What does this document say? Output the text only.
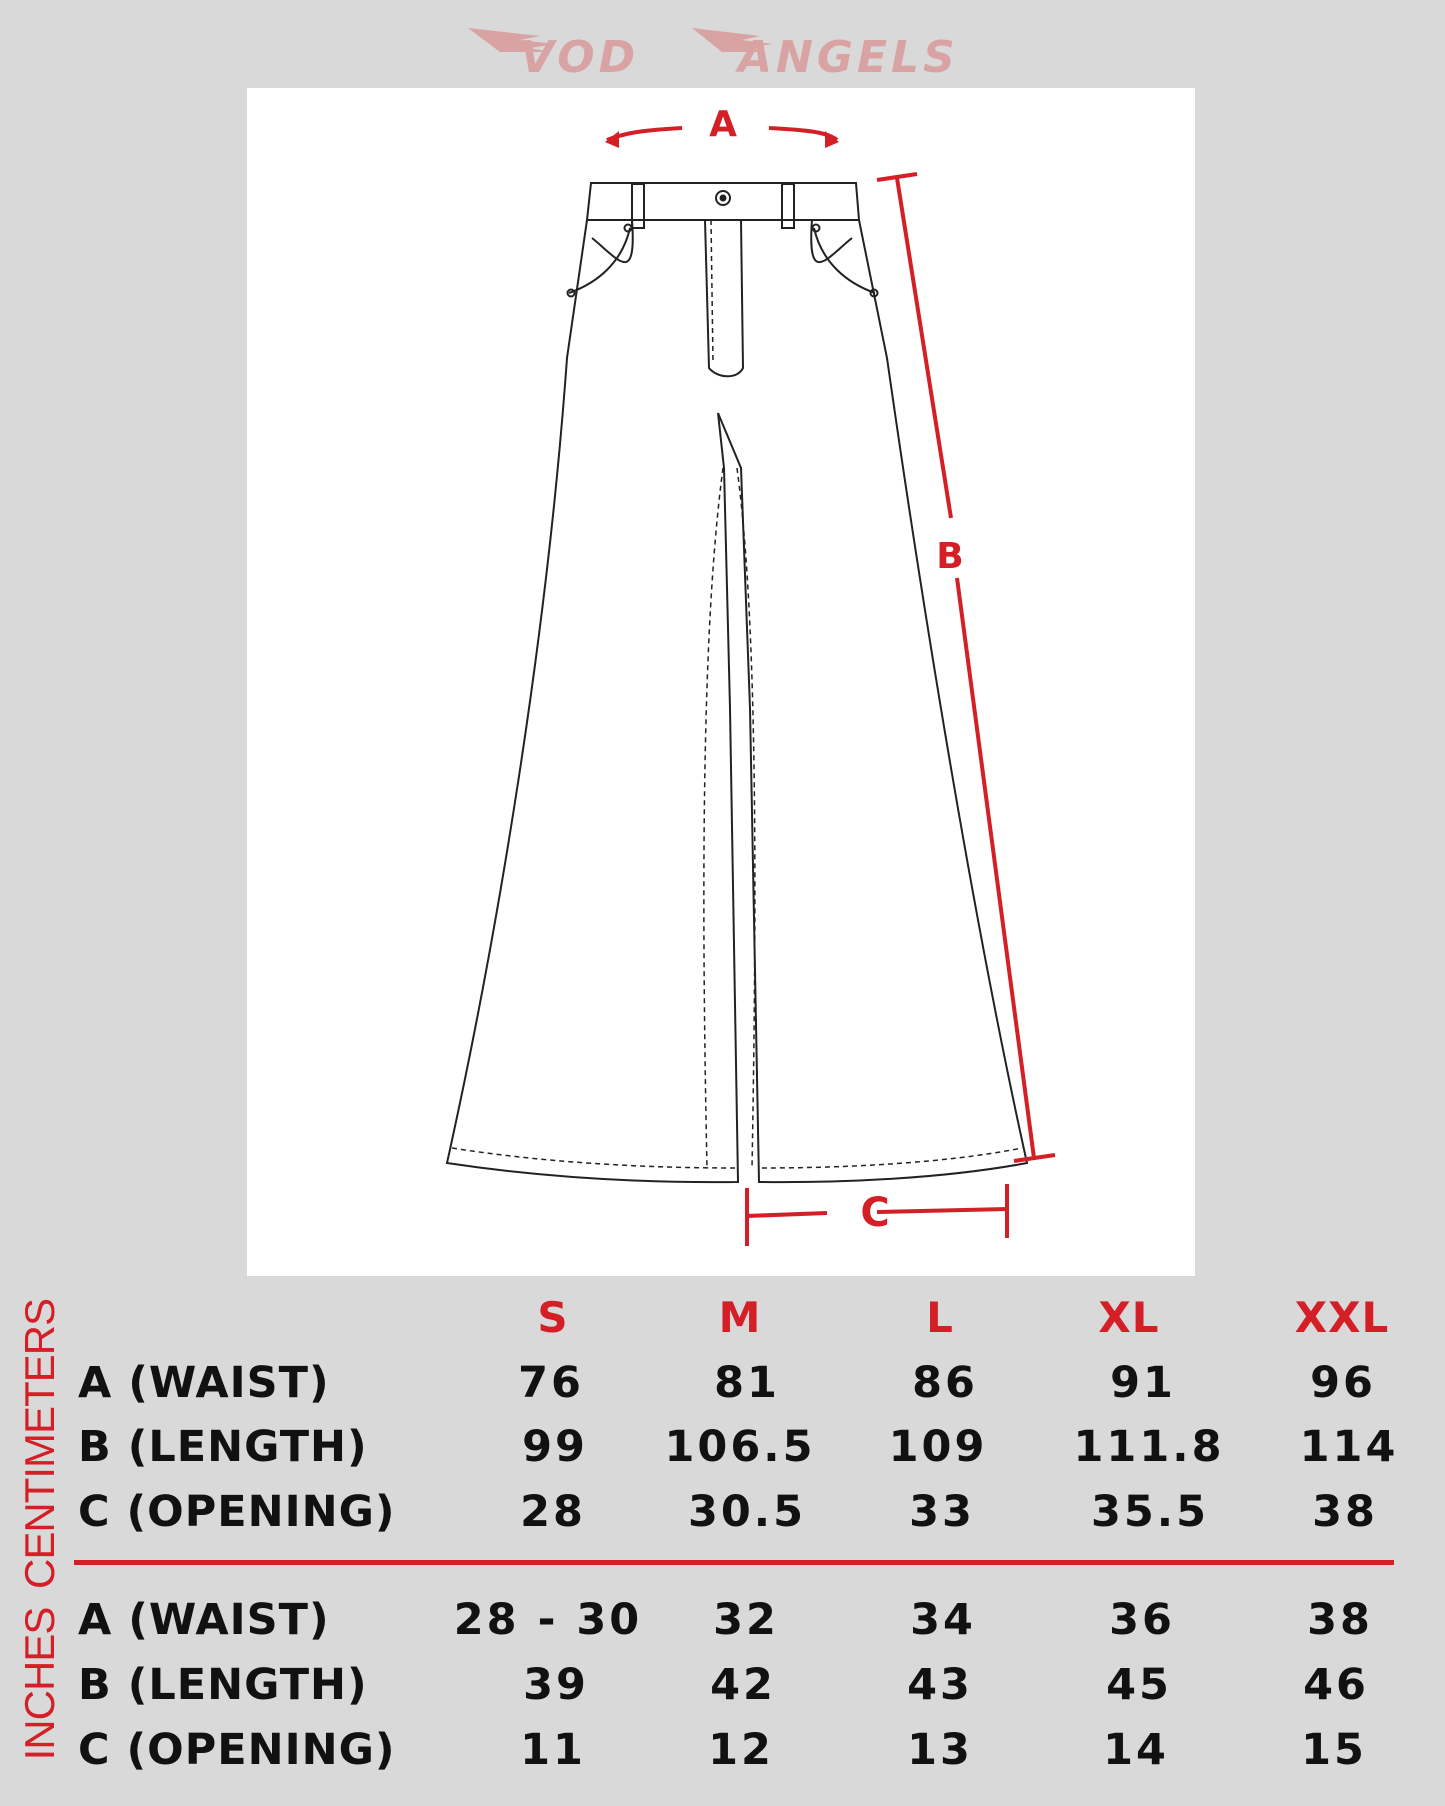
VOD ANGELS
A
B
C
S	M	L	XL	XXL
CENTIMETERS A (WAIST)	76	81	86	91	96
B (LENGTH)	99	106.5	109	111.8	114
C (OPENING)	28	30.5	33	35.5	38
INCHES A (WAIST)	28 - 30	32	34	36	38
B (LENGTH)	39	42	43	45	46
C (OPENING)	11	12	13	14	15
